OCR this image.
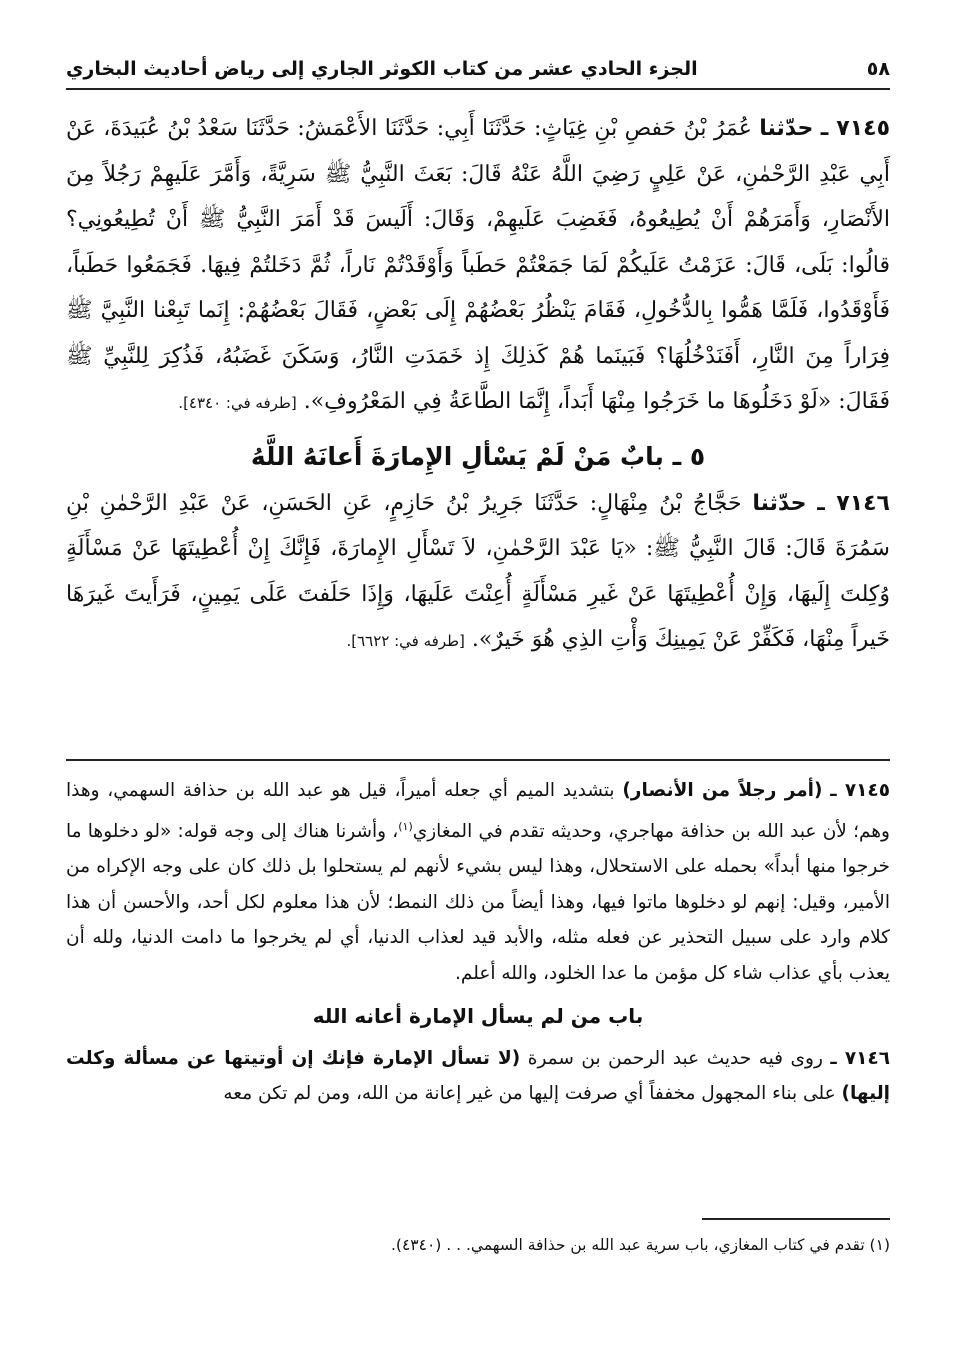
٥٨
الجزء الحادي عشر من كتاب الكوثر الجاري إلى رياض أحاديث البخاري

٧١٤٥ ـ حدّثنا عُمَرُ بْنُ حَفصِ بْنِ غِيَاثٍ: حَدَّثَنَا أَبِي: حَدَّثَنَا الأَعْمَشُ: حَدَّثَنَا سَعْدُ بْنُ عُبَيدَةَ، عَنْ أَبِي عَبْدِ الرَّحْمٰنِ، عَنْ عَلِيٍ رَضِيَ اللَّهُ عَنْهُ قَالَ: بَعَثَ النَّبِيُّ ﷺ سَرِيَّةً، وَأَمَّرَ عَلَيهِمْ رَجُلاً مِنَ الأَنْصَارِ، وَأَمَرَهُمْ أَنْ يُطِيعُوهُ، فَغَضِبَ عَلَيهِمْ، وَقَالَ: أَلَيسَ قَدْ أَمَرَ النَّبِيُّ ﷺ أَنْ تُطِيعُونِي؟ قالُوا: بَلَى، قَالَ: عَزَمْتُ عَلَيكُمْ لَمَا جَمَعْتُمْ حَطَباً وَأَوْقَدْتُمْ نَاراً، ثُمَّ دَخَلتُمْ فِيهَا. فَجَمَعُوا حَطَباً، فَأَوْقَدُوا، فَلَمَّا هَمُّوا بِالدُّخُولِ، فَقَامَ يَنْظُرُ بَعْضُهُمْ إِلَى بَعْضٍ، فَقَالَ بَعْضُهُمْ: إِنَما تَبِعْنا النَّبِيَّ ﷺ فِرَاراً مِنَ النَّارِ، أَفَنَدْخُلُهَا؟ فَبَينَما هُمْ كَذلِكَ إِذ خَمَدَتِ النَّارُ، وَسَكَنَ غَضَبُهُ، فَذُكِرَ لِلنَّبِيِّ ﷺ فَقَالَ: «لَوْ دَخَلُوهَا ما خَرَجُوا مِنْهَا أَبَداً، إِنَّمَا الطَّاعَةُ فِي المَعْرُوفِ». [طرفه في: ٤٣٤٠].

٥ ـ بابٌ مَنْ لَمْ يَسْألِ الإِمارَةَ أَعانَهُ اللَّهُ

٧١٤٦ ـ حدّثنا حَجَّاجُ بْنُ مِنْهَالٍ: حَدَّثَنَا جَرِيرُ بْنُ حَازِمٍ، عَنِ الحَسَنِ، عَنْ عَبْدِ الرَّحْمٰنِ بْنِ سَمُرَةَ قَالَ: قَالَ النَّبِيُّ ﷺ: «يَا عَبْدَ الرَّحْمٰنِ، لاَ تَسْأَلِ الإِمارَةَ، فَإِنَّكَ إِنْ أُعْطِيتَهَا عَنْ مَسْأَلَةٍ وُكِلتَ إِلَيهَا، وَإِنْ أُعْطِيتَهَا عَنْ غَيرِ مَسْأَلَةٍ أُعِنْتَ عَلَيهَا، وَإِذَا حَلَفتَ عَلَى يَمِينٍ، فَرَأَيتَ غَيرَهَا خَيراً مِنْهَا، فَكَفِّرْ عَنْ يَمِينِكَ وَأْتِ الذِي هُوَ خَيرٌ». [طرفه في: ٦٦٢٢].

٧١٤٥ ـ (أمر رجلاً من الأنصار) بتشديد الميم أي جعله أميراً، قيل هو عبد الله بن حذافة السهمي، وهذا وهم؛ لأن عبد الله بن حذافة مهاجري، وحديثه تقدم في المغازي$^{(١)}$، وأشرنا هناك إلى وجه قوله: «لو دخلوها ما خرجوا منها أبداً» بحمله على الاستحلال، وهذا ليس بشيء لأنهم لم يستحلوا بل ذلك كان على وجه الإكراه من الأمير، وقيل: إنهم لو دخلوها ماتوا فيها، وهذا أيضاً من ذلك النمط؛ لأن هذا معلوم لكل أحد، والأحسن أن هذا كلام وارد على سبيل التحذير عن فعله مثله، والأبد قيد لعذاب الدنيا، أي لم يخرجوا ما دامت الدنيا، ولله أن يعذب بأي عذاب شاء كل مؤمن ما عدا الخلود، والله أعلم.

باب من لم يسأل الإمارة أعانه الله

٧١٤٦ ـ روى فيه حديث عبد الرحمن بن سمرة (لا تسأل الإمارة فإنك إن أوتيتها عن مسألة وكلت إليها) على بناء المجهول مخففاً أي صرفت إليها من غير إعانة من الله، ومن لم تكن معه

(١) تقدم في كتاب المغازي، باب سرية عبد الله بن حذافة السهمي. . . (٤٣٤٠).
